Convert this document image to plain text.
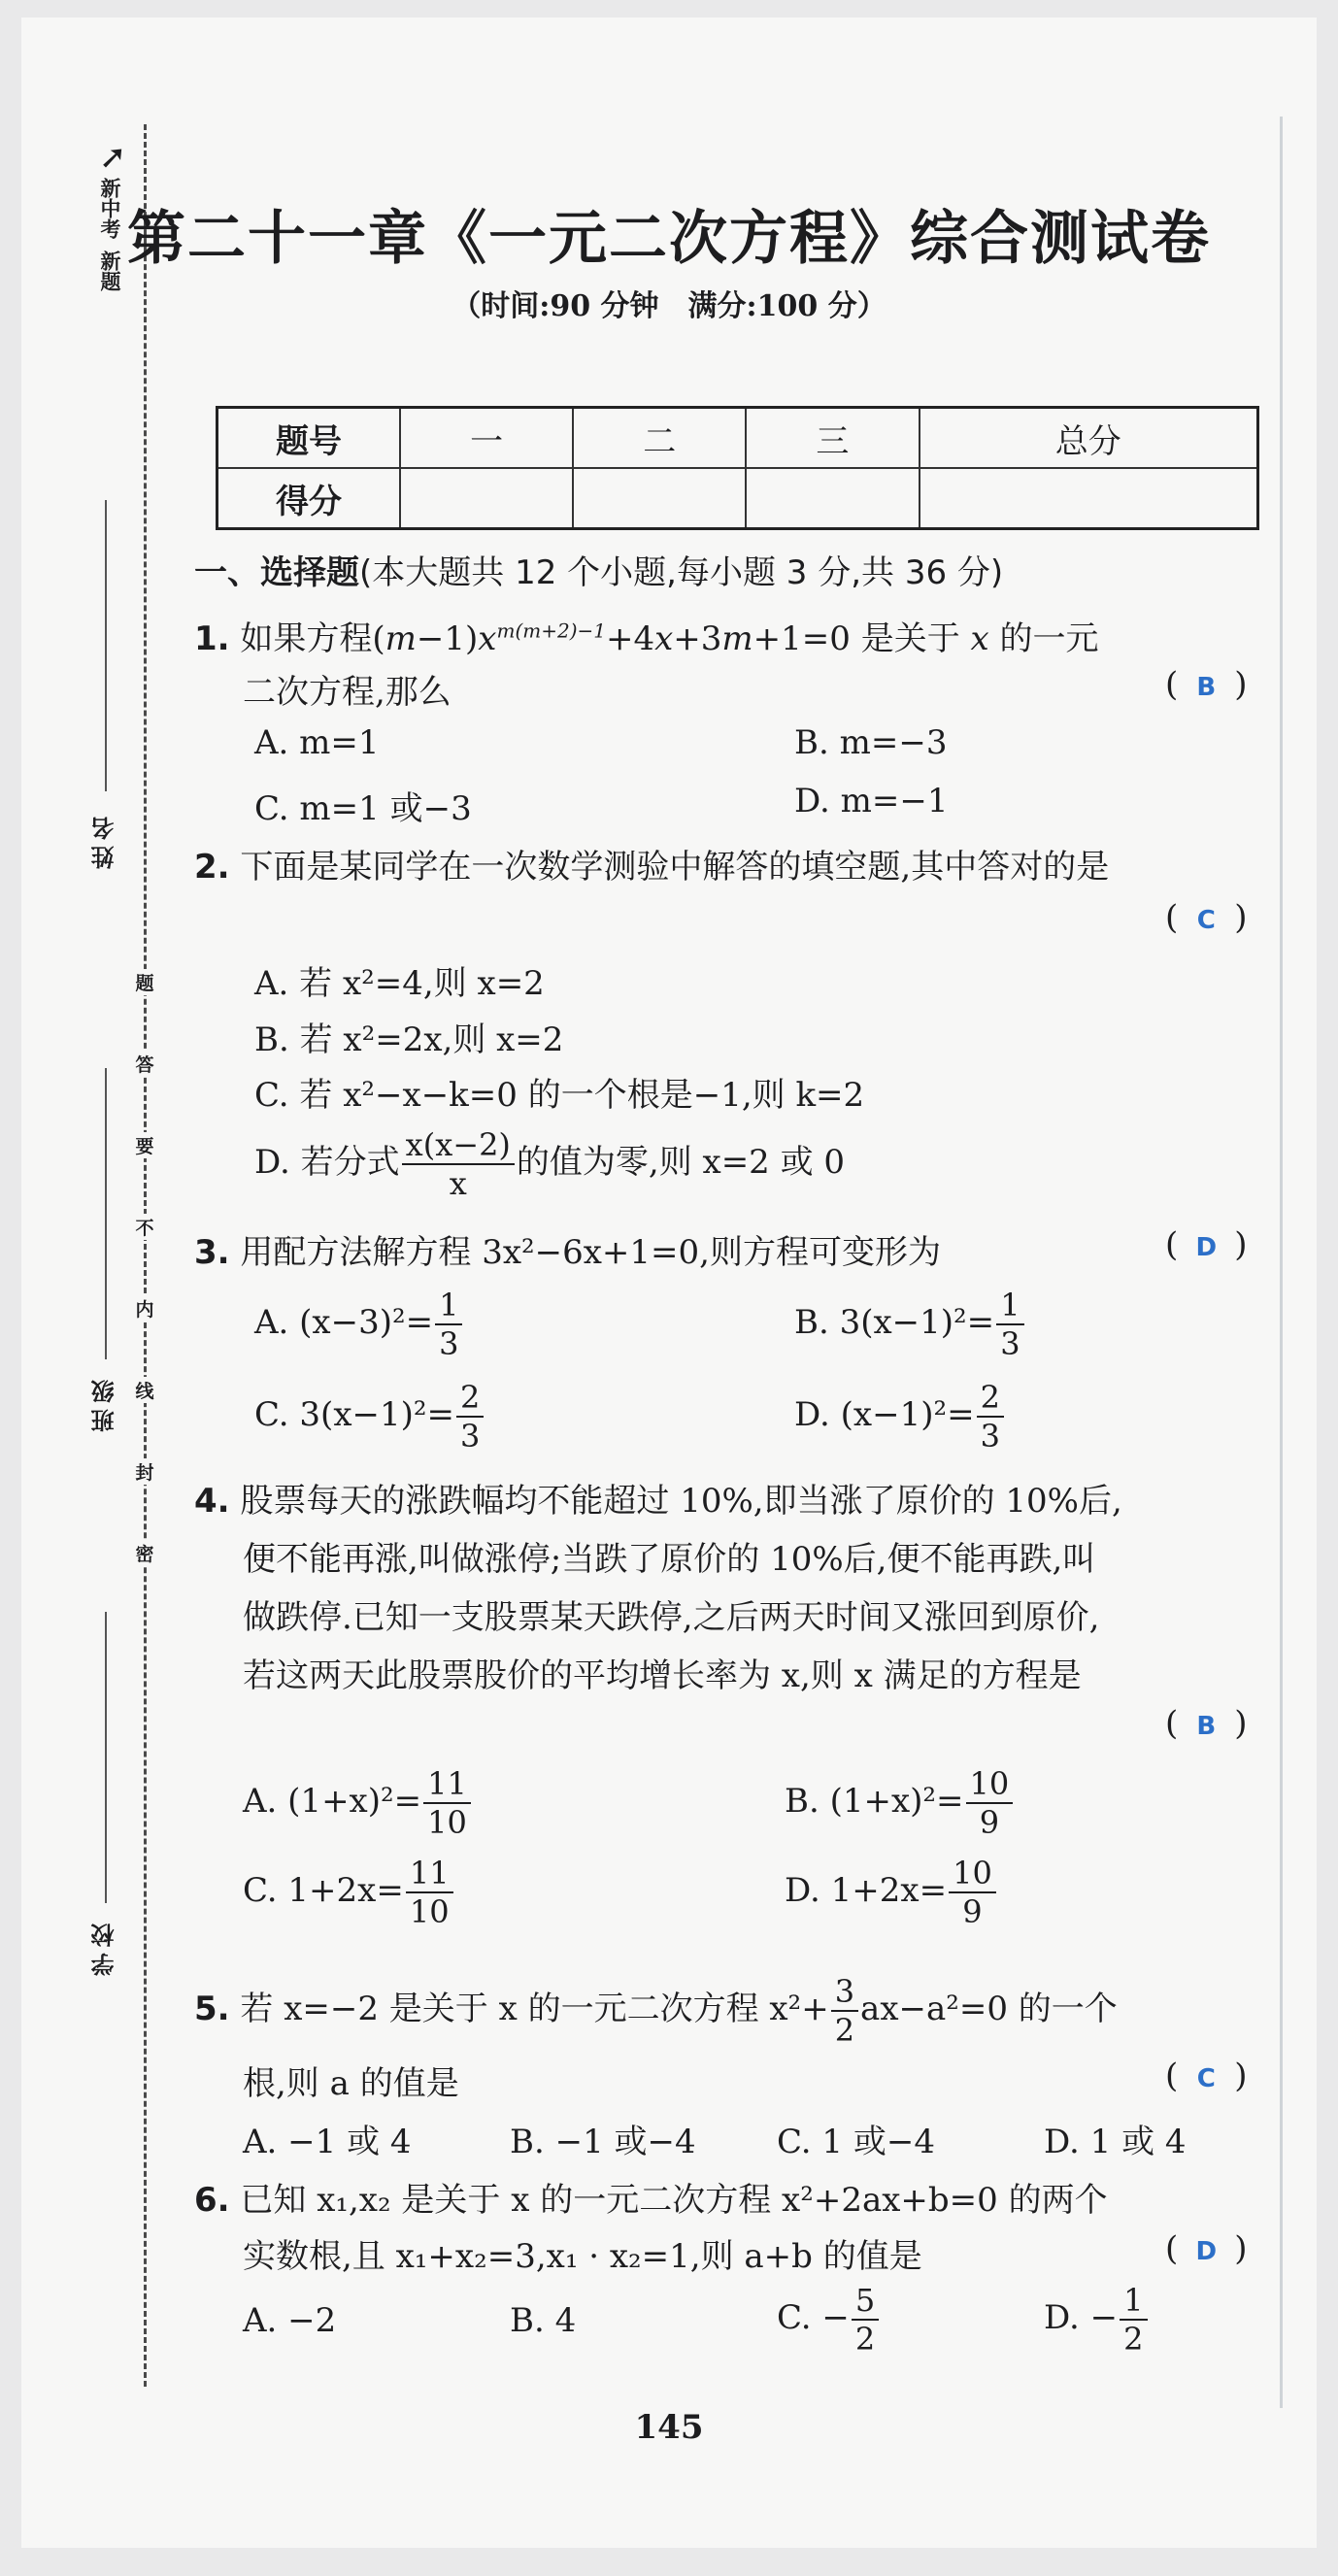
➚
新中考
新题
姓名
班级
学校
题
答
要
不
内
线
封
密
第二十一章《一元二次方程》综合测试卷
（时间:90 分钟　满分:100 分）
题号	一	二	三	总分
得分				
一、选择题(本大题共 12 个小题,每小题 3 分,共 36 分)
1. 如果方程$(m-1)x^{m(m+2)-1}+4x+3m+1=0$ 是关于 x 的一元
二次方程,那么	( B )
A. m=1	B. m=−3
C. m=1 或−3	D. m=−1
2. 下面是某同学在一次数学测验中解答的填空题,其中答对的是
( C )
A. 若 x²=4,则 x=2
B. 若 x²=2x,则 x=2
C. 若 x²−x−k=0 的一个根是−1,则 k=2
D. 若分式 $\frac{x(x-2)}{x}$ 的值为零,则 x=2 或 0
3. 用配方法解方程 3x²−6x+1=0,则方程可变形为	( D )
A. $(x-3)^2= \frac{1}{3}$	B. $3(x-1)^2= \frac{1}{3}$
C. $3(x-1)^2= \frac{2}{3}$	D. $(x-1)^2= \frac{2}{3}$
4. 股票每天的涨跌幅均不能超过 10%,即当涨了原价的 10%后,
便不能再涨,叫做涨停;当跌了原价的 10%后,便不能再跌,叫
做跌停.已知一支股票某天跌停,之后两天时间又涨回到原价,
若这两天此股票股价的平均增长率为 x,则 x 满足的方程是
( B )
A. $(1+x)^2= \frac{11}{10}$	B. $(1+x)^2= \frac{10}{9}$
C. $1+2x= \frac{11}{10}$	D. $1+2x= \frac{10}{9}$
5. 若 x=−2 是关于 x 的一元二次方程 $x^2+ \frac{3}{2} ax-a^2=0$ 的一个
根,则 a 的值是	( C )
A. −1 或 4	B. −1 或−4 C. 1 或−4	D. 1 或 4
6. 已知 x₁,x₂ 是关于 x 的一元二次方程 x²+2ax+b=0 的两个
实数根,且 x₁+x₂=3,x₁ · x₂=1,则 a+b 的值是	( D )
A. −2	B. 4	C. − $\frac{5}{2}$	D. − $\frac{1}{2}$
145
